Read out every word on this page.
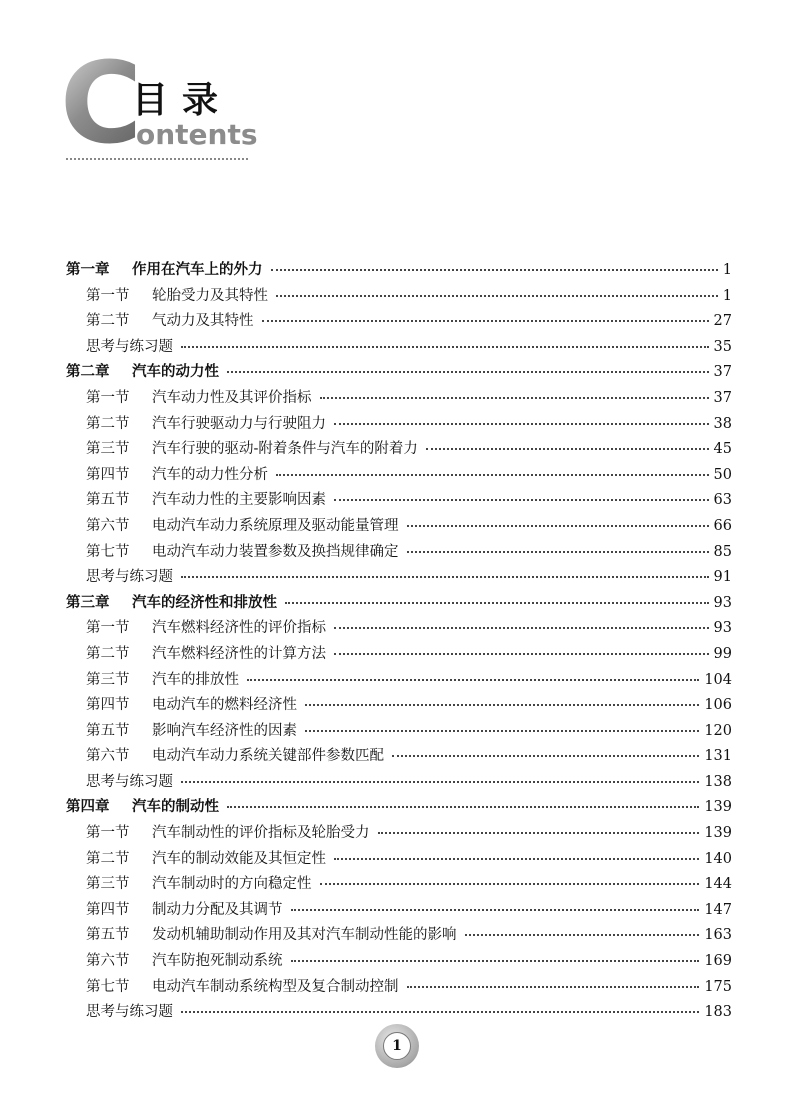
C
目录
ontents
第一章	作用在汽车上的外力	1
第一节	轮胎受力及其特性	1
第二节	气动力及其特性	27
思考与练习题	35
第二章	汽车的动力性	37
第一节	汽车动力性及其评价指标	37
第二节	汽车行驶驱动力与行驶阻力	38
第三节	汽车行驶的驱动-附着条件与汽车的附着力	45
第四节	汽车的动力性分析	50
第五节	汽车动力性的主要影响因素	63
第六节	电动汽车动力系统原理及驱动能量管理	66
第七节	电动汽车动力装置参数及换挡规律确定	85
思考与练习题	91
第三章	汽车的经济性和排放性	93
第一节	汽车燃料经济性的评价指标	93
第二节	汽车燃料经济性的计算方法	99
第三节	汽车的排放性	104
第四节	电动汽车的燃料经济性	106
第五节	影响汽车经济性的因素	120
第六节	电动汽车动力系统关键部件参数匹配	131
思考与练习题	138
第四章	汽车的制动性	139
第一节	汽车制动性的评价指标及轮胎受力	139
第二节	汽车的制动效能及其恒定性	140
第三节	汽车制动时的方向稳定性	144
第四节	制动力分配及其调节	147
第五节	发动机辅助制动作用及其对汽车制动性能的影响	163
第六节	汽车防抱死制动系统	169
第七节	电动汽车制动系统构型及复合制动控制	175
思考与练习题	183
1
